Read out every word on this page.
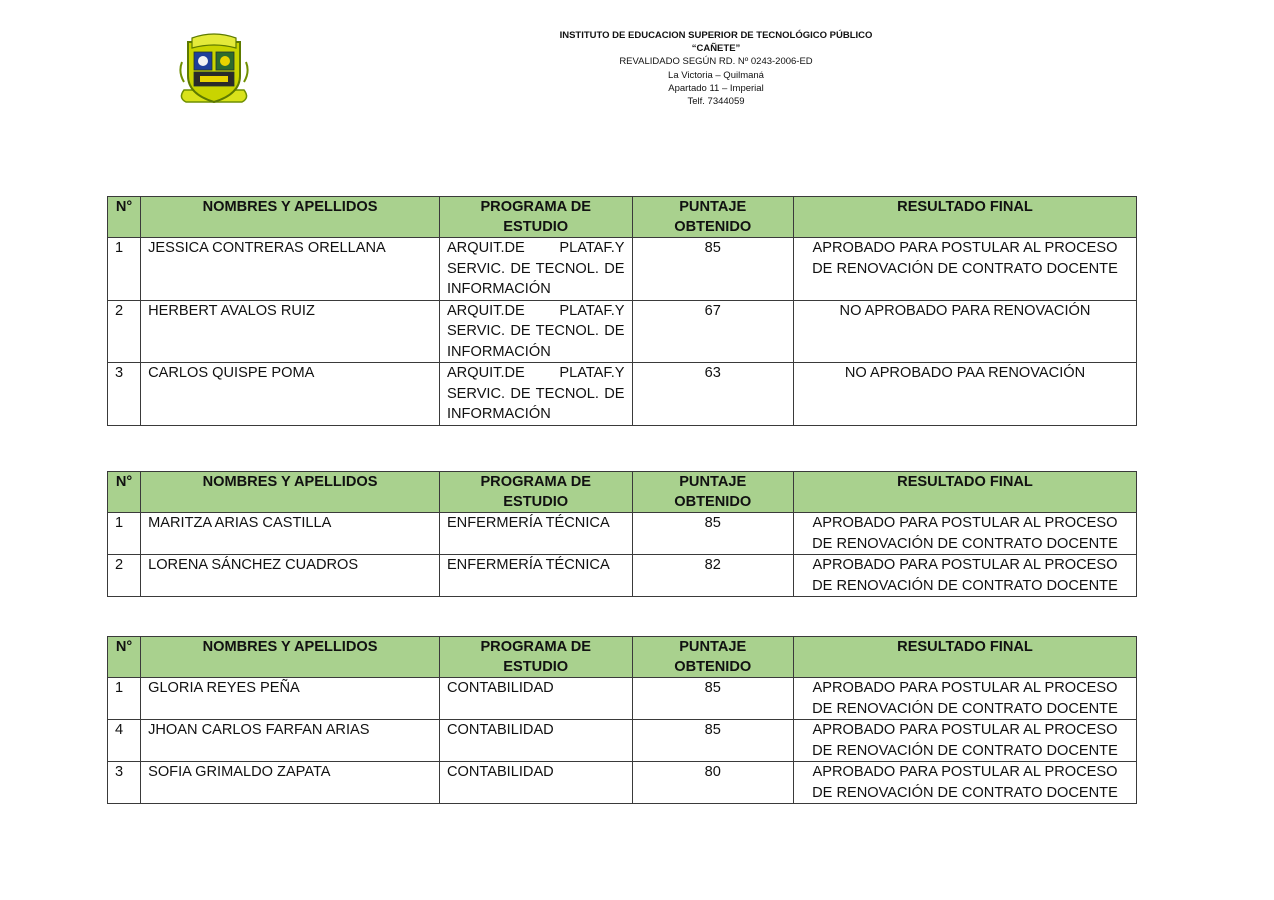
INSTITUTO DE EDUCACION SUPERIOR DE TECNOLÓGICO PÚBLICO
“CAÑETE”
REVALIDADO SEGÚN RD. Nº 0243-2006-ED
La Victoria – Quilmaná
Apartado 11 – Imperial
Telf. 7344059
N°	NOMBRES Y APELLIDOS	PROGRAMA DE ESTUDIO	PUNTAJE OBTENIDO	RESULTADO FINAL
1	JESSICA CONTRERAS ORELLANA	ARQUIT.DE PLATAF.Y SERVIC. DE TECNOL. DE INFORMACIÓN	85	APROBADO PARA POSTULAR AL PROCESO DE RENOVACIÓN DE CONTRATO DOCENTE
2	HERBERT AVALOS RUIZ	ARQUIT.DE PLATAF.Y SERVIC. DE TECNOL. DE INFORMACIÓN	67	NO APROBADO PARA RENOVACIÓN
3	CARLOS QUISPE POMA	ARQUIT.DE PLATAF.Y SERVIC. DE TECNOL. DE INFORMACIÓN	63	NO APROBADO PAA RENOVACIÓN
N°	NOMBRES Y APELLIDOS	PROGRAMA DE ESTUDIO	PUNTAJE OBTENIDO	RESULTADO FINAL
1	MARITZA ARIAS CASTILLA	ENFERMERÍA TÉCNICA	85	APROBADO PARA POSTULAR AL PROCESO DE RENOVACIÓN DE CONTRATO DOCENTE
2	LORENA SÁNCHEZ CUADROS	ENFERMERÍA TÉCNICA	82	APROBADO PARA POSTULAR AL PROCESO DE RENOVACIÓN DE CONTRATO DOCENTE
N°	NOMBRES Y APELLIDOS	PROGRAMA DE ESTUDIO	PUNTAJE OBTENIDO	RESULTADO FINAL
1	GLORIA REYES PEÑA	CONTABILIDAD	85	APROBADO PARA POSTULAR AL PROCESO DE RENOVACIÓN DE CONTRATO DOCENTE
4	JHOAN CARLOS FARFAN ARIAS	CONTABILIDAD	85	APROBADO PARA POSTULAR AL PROCESO DE RENOVACIÓN DE CONTRATO DOCENTE
3	SOFIA GRIMALDO ZAPATA	CONTABILIDAD	80	APROBADO PARA POSTULAR AL PROCESO DE RENOVACIÓN DE CONTRATO DOCENTE
